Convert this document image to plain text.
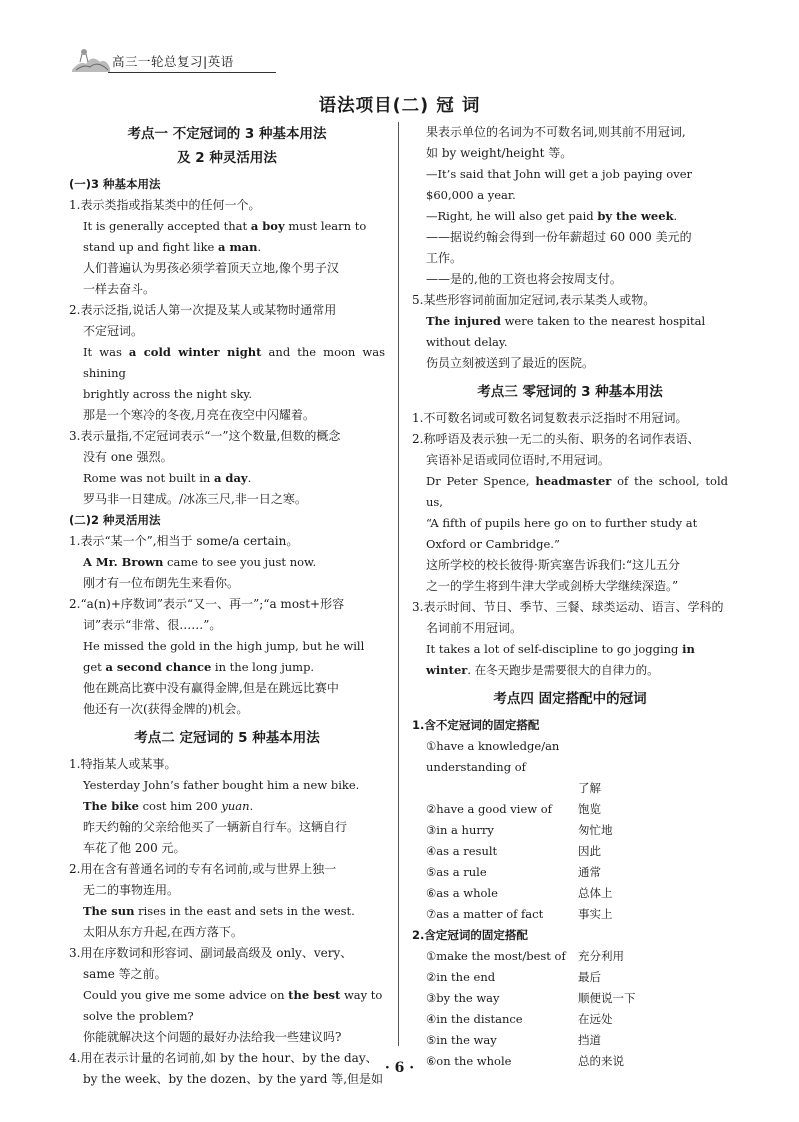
高三一轮总复习|英语
语法项目(二) 冠 词
考点一 不定冠词的 3 种基本用法
及 2 种灵活用法
(一)3 种基本用法
1.表示类指或指某类中的任何一个。
It is generally accepted that a boy must learn to
stand up and fight like a man.
人们普遍认为男孩必须学着顶天立地,像个男子汉
一样去奋斗。
2.表示泛指,说话人第一次提及某人或某物时通常用
不定冠词。
It was a cold winter night and the moon was shining
brightly across the night sky.
那是一个寒冷的冬夜,月亮在夜空中闪耀着。
3.表示量指,不定冠词表示“一”这个数量,但数的概念
没有 one 强烈。
Rome was not built in a day.
罗马非一日建成。/冰冻三尺,非一日之寒。
(二)2 种灵活用法
1.表示“某一个”,相当于 some/a certain。
A Mr. Brown came to see you just now.
刚才有一位布朗先生来看你。
2.“a(n)+序数词”表示“又一、再一”;“a most+形容
词”表示“非常、很……”。
He missed the gold in the high jump, but he will
get a second chance in the long jump.
他在跳高比赛中没有赢得金牌,但是在跳远比赛中
他还有一次(获得金牌的)机会。
考点二 定冠词的 5 种基本用法
1.特指某人或某事。
Yesterday John’s father bought him a new bike.
The bike cost him 200 yuan.
昨天约翰的父亲给他买了一辆新自行车。这辆自行
车花了他 200 元。
2.用在含有普通名词的专有名词前,或与世界上独一
无二的事物连用。
The sun rises in the east and sets in the west.
太阳从东方升起,在西方落下。
3.用在序数词和形容词、副词最高级及 only、very、
same 等之前。
Could you give me some advice on the best way to
solve the problem?
你能就解决这个问题的最好办法给我一些建议吗?
4.用在表示计量的名词前,如 by the hour、by the day、
by the week、by the dozen、by the yard 等,但是如
果表示单位的名词为不可数名词,则其前不用冠词,
如 by weight/height 等。
—It’s said that John will get a job paying over
$60,000 a year.
—Right, he will also get paid by the week.
——据说约翰会得到一份年薪超过 60 000 美元的
工作。
——是的,他的工资也将会按周支付。
5.某些形容词前面加定冠词,表示某类人或物。
The injured were taken to the nearest hospital
without delay.
伤员立刻被送到了最近的医院。
考点三 零冠词的 3 种基本用法
1.不可数名词或可数名词复数表示泛指时不用冠词。
2.称呼语及表示独一无二的头衔、职务的名词作表语、
宾语补足语或同位语时,不用冠词。
Dr Peter Spence, headmaster of the school, told us,
“A fifth of pupils here go on to further study at
Oxford or Cambridge.”
这所学校的校长彼得·斯宾塞告诉我们:“这儿五分
之一的学生将到牛津大学或剑桥大学继续深造。”
3.表示时间、节日、季节、三餐、球类运动、语言、学科的
名词前不用冠词。
It takes a lot of self-discipline to go jogging in
winter. 在冬天跑步是需要很大的自律力的。
考点四 固定搭配中的冠词
1.含不定冠词的固定搭配
①have a knowledge/an understanding of
了解
②have a good view of	饱览
③in a hurry	匆忙地
④as a result	因此
⑤as a rule	通常
⑥as a whole	总体上
⑦as a matter of fact	事实上
2.含定冠词的固定搭配
①make the most/best of	充分利用
②in the end	最后
③by the way	顺便说一下
④in the distance	在远处
⑤in the way	挡道
⑥on the whole	总的来说
· 6 ·
